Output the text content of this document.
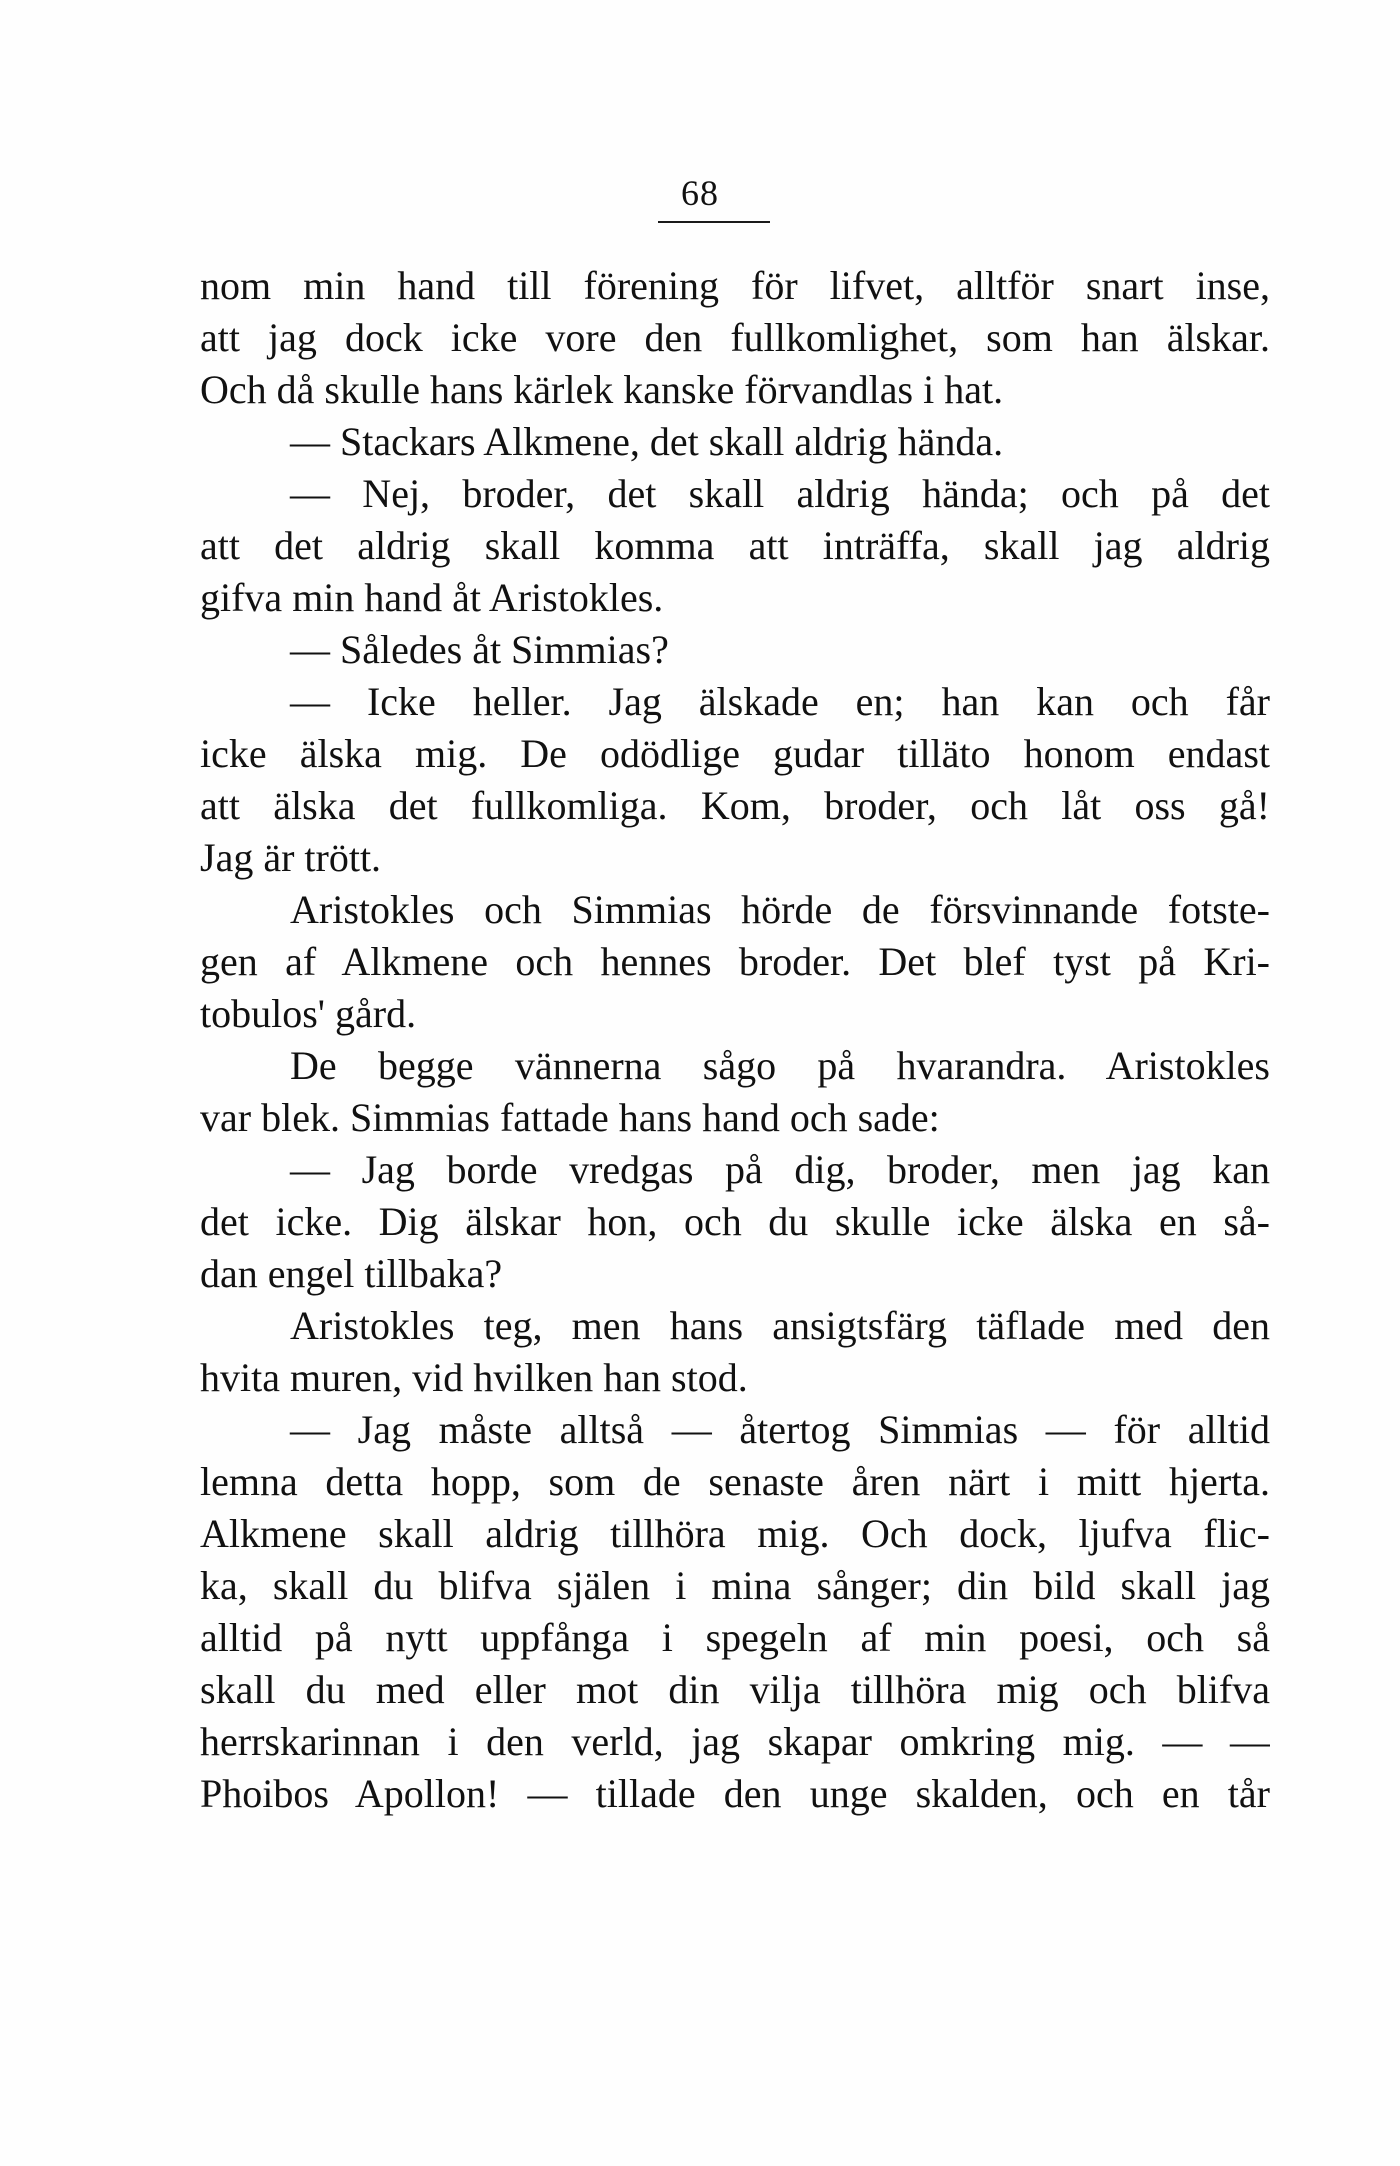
68
nom min hand till förening för lifvet, alltför snart inse,
att jag dock icke vore den fullkomlighet, som han älskar.
Och då skulle hans kärlek kanske förvandlas i hat.
— Stackars Alkmene, det skall aldrig hända.
— Nej, broder, det skall aldrig hända; och på det
att det aldrig skall komma att inträffa, skall jag aldrig
gifva min hand åt Aristokles.
— Således åt Simmias?
— Icke heller. Jag älskade en; han kan och får
icke älska mig. De odödlige gudar tilläto honom endast
att älska det fullkomliga. Kom, broder, och låt oss gå!
Jag är trött.
Aristokles och Simmias hörde de försvinnande fotste-
gen af Alkmene och hennes broder. Det blef tyst på Kri-
tobulos' gård.
De begge vännerna sågo på hvarandra. Aristokles
var blek. Simmias fattade hans hand och sade:
— Jag borde vredgas på dig, broder, men jag kan
det icke. Dig älskar hon, och du skulle icke älska en så-
dan engel tillbaka?
Aristokles teg, men hans ansigtsfärg täflade med den
hvita muren, vid hvilken han stod.
— Jag måste alltså — återtog Simmias — för alltid
lemna detta hopp, som de senaste åren närt i mitt hjerta.
Alkmene skall aldrig tillhöra mig. Och dock, ljufva flic-
ka, skall du blifva själen i mina sånger; din bild skall jag
alltid på nytt uppfånga i spegeln af min poesi, och så
skall du med eller mot din vilja tillhöra mig och blifva
herrskarinnan i den verld, jag skapar omkring mig. — —
Phoibos Apollon! — tillade den unge skalden, och en tår
